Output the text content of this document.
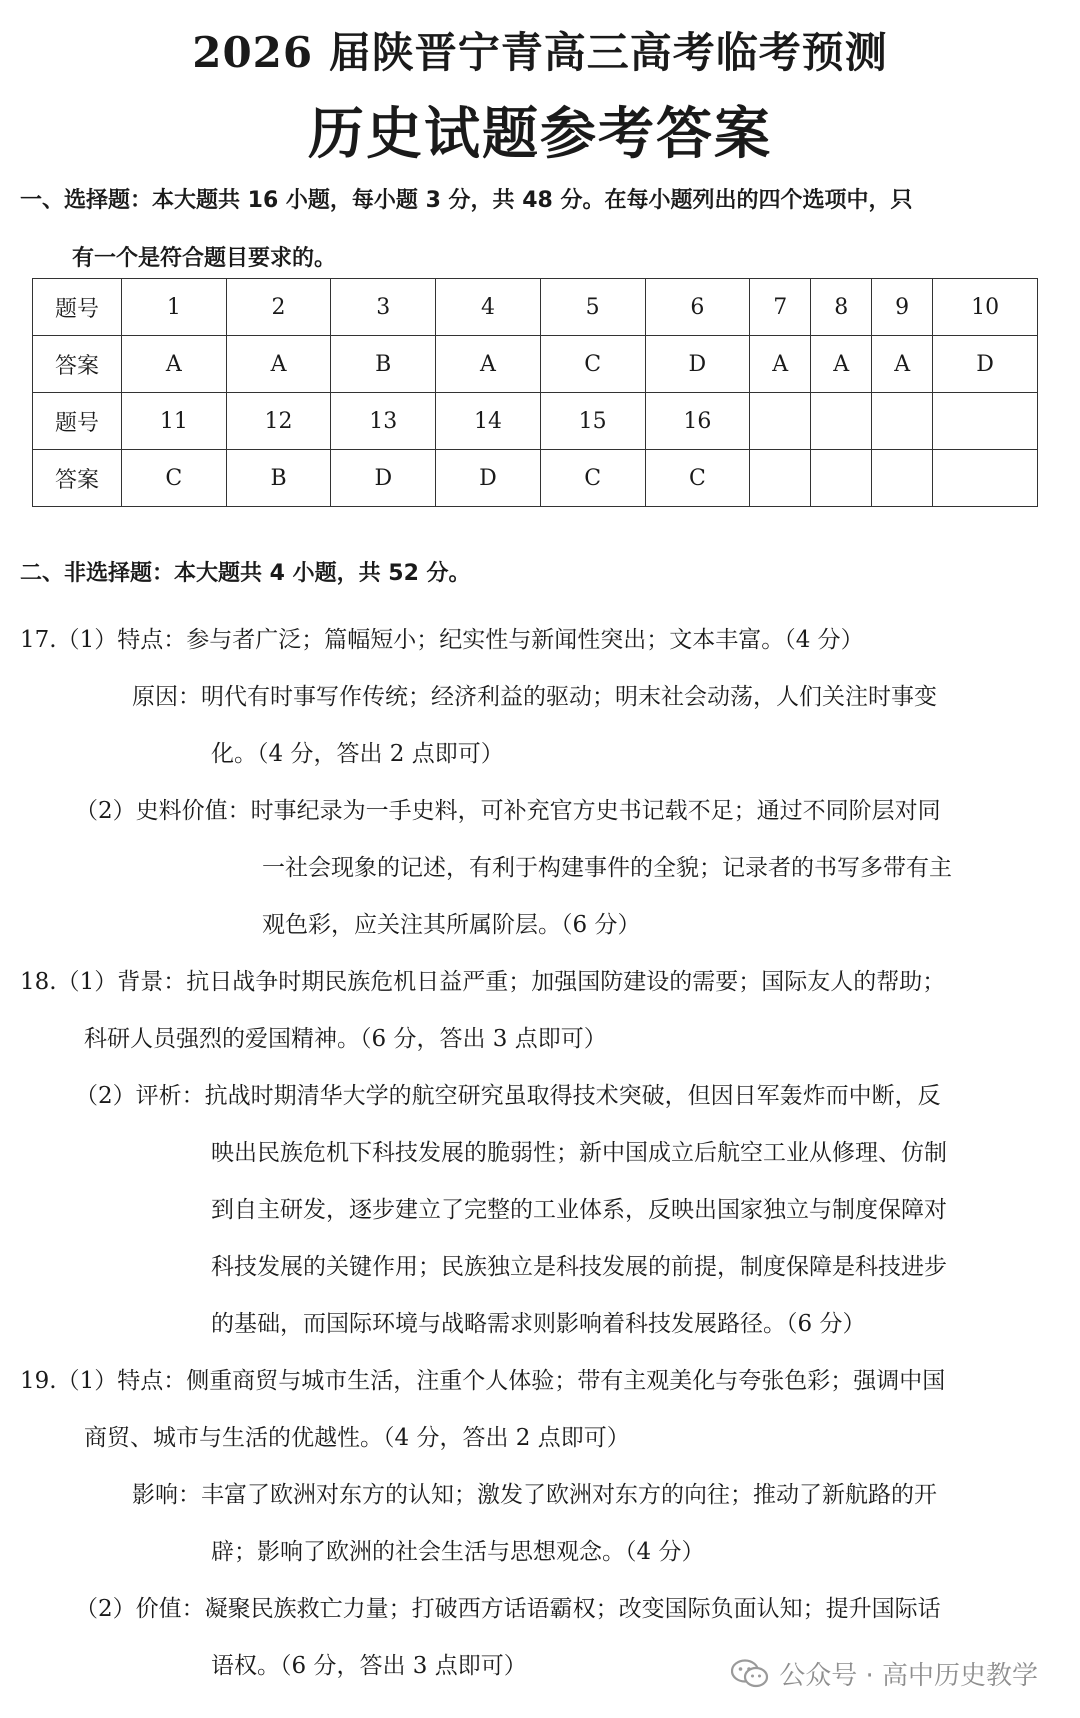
2026 届陕晋宁青高三高考临考预测
历史试题参考答案
一、选择题：本大题共 16 小题，每小题 3 分，共 48 分。在每小题列出的四个选项中，只
有一个是符合题目要求的。
题号	1	2	3	4	5	6	7	8	9	10
答案	A	A	B	A	C	D	A	A	A	D
题号	11	12	13	14	15	16				
答案	C	B	D	D	C	C				
二、非选择题：本大题共 4 小题，共 52 分。
17.（1）特点：参与者广泛；篇幅短小；纪实性与新闻性突出；文本丰富。（4 分）
原因：明代有时事写作传统；经济利益的驱动；明末社会动荡，人们关注时事变
化。（4 分，答出 2 点即可）
（2）史料价值：时事纪录为一手史料，可补充官方史书记载不足；通过不同阶层对同
一社会现象的记述，有利于构建事件的全貌；记录者的书写多带有主
观色彩，应关注其所属阶层。（6 分）
18.（1）背景：抗日战争时期民族危机日益严重；加强国防建设的需要；国际友人的帮助；
科研人员强烈的爱国精神。（6 分，答出 3 点即可）
（2）评析：抗战时期清华大学的航空研究虽取得技术突破，但因日军轰炸而中断，反
映出民族危机下科技发展的脆弱性；新中国成立后航空工业从修理、仿制
到自主研发，逐步建立了完整的工业体系，反映出国家独立与制度保障对
科技发展的关键作用；民族独立是科技发展的前提，制度保障是科技进步
的基础，而国际环境与战略需求则影响着科技发展路径。（6 分）
19.（1）特点：侧重商贸与城市生活，注重个人体验；带有主观美化与夸张色彩；强调中国
商贸、城市与生活的优越性。（4 分，答出 2 点即可）
影响：丰富了欧洲对东方的认知；激发了欧洲对东方的向往；推动了新航路的开
辟；影响了欧洲的社会生活与思想观念。（4 分）
（2）价值：凝聚民族救亡力量；打破西方话语霸权；改变国际负面认知；提升国际话
语权。（6 分，答出 3 点即可）	公众号 · 高中历史教学
